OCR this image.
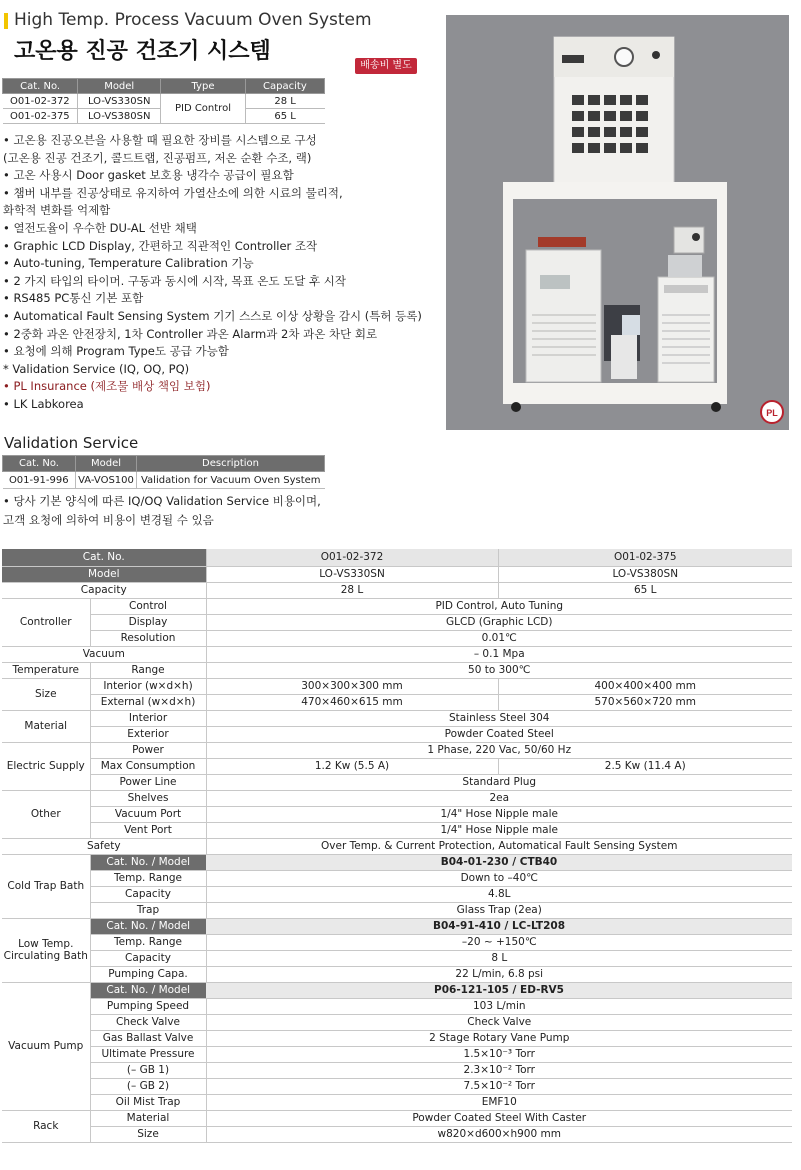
High Temp. Process Vacuum Oven System
고온용 진공 건조기 시스템
배송비 별도
Cat. No.	Model	Type	Capacity
O01-02-372	LO-VS330SN	PID Control	28 L
O01-02-375	LO-VS380SN		65 L
• 고온용 진공오븐을 사용할 때 필요한 장비를 시스템으로 구성
(고온용 진공 건조기, 콜드트랩, 진공펌프, 저온 순환 수조, 랙)
• 고온 사용시 Door gasket 보호용 냉각수 공급이 필요함
• 챔버 내부를 진공상태로 유지하여 가열산소에 의한 시료의 물리적,
화학적 변화를 억제함
• 열전도율이 우수한 DU-AL 선반 채택
• Graphic LCD Display, 간편하고 직관적인 Controller 조작
• Auto-tuning, Temperature Calibration 기능
• 2 가지 타입의 타이머. 구동과 동시에 시작, 목표 온도 도달 후 시작
• RS485 PC통신 기본 포함
• Automatical Fault Sensing System 기기 스스로 이상 상황을 감시 (특허 등록)
• 2중화 과온 안전장치, 1차 Controller 과온 Alarm과 2차 과온 차단 회로
• 요청에 의해 Program Type도 공급 가능함
* Validation Service (IQ, OQ, PQ)
• PL Insurance (제조물 배상 책임 보험)
• LK Labkorea
Validation Service
Cat. No.	Model	Description
O01-91-996	VA-VOS100	Validation for Vacuum Oven System
• 당사 기본 양식에 따른 IQ/OQ Validation Service 비용이며,
고객 요청에 의하여 비용이 변경될 수 있음
PL
Cat. No.		O01-02-372	O01-02-375
Model		LO-VS330SN	LO-VS380SN
Capacity		28 L	65 L
Controller	Control	PID Control, Auto Tuning	
	Display	GLCD (Graphic LCD)	
	Resolution	0.01℃	
Vacuum		– 0.1 Mpa	
Temperature	Range	50 to 300℃	
Size	Interior (w×d×h)	300×300×300 mm	400×400×400 mm
	External (w×d×h)	470×460×615 mm	570×560×720 mm
Material	Interior	Stainless Steel 304	
	Exterior	Powder Coated Steel	
Electric Supply	Power	1 Phase, 220 Vac, 50/60 Hz	
	Max Consumption	1.2 Kw (5.5 A)	2.5 Kw (11.4 A)
	Power Line	Standard Plug	
Other	Shelves	2ea	
	Vacuum Port	1/4" Hose Nipple male	
	Vent Port	1/4" Hose Nipple male	
Safety		Over Temp. & Current Protection, Automatical Fault Sensing System	
Cold Trap Bath	Cat. No. / Model	B04-01-230 / CTB40	
	Temp. Range	Down to –40℃	
	Capacity	4.8L	
	Trap	Glass Trap (2ea)	

Low Temp.
Circulating Bath	Cat. No. / Model	B04-91-410 / LC-LT208	
	Temp. Range	–20 ~ +150℃	
	Capacity	8 L	
	Pumping Capa.	22 L/min, 6.8 psi	
Vacuum Pump	Cat. No. / Model	P06-121-105 / ED-RV5	
	Pumping Speed	103 L/min	
	Check Valve	Check Valve	
	Gas Ballast Valve	2 Stage Rotary Vane Pump	
	Ultimate Pressure	1.5×10⁻³ Torr	
	(– GB 1)	2.3×10⁻² Torr	
	(– GB 2)	7.5×10⁻² Torr	
	Oil Mist Trap	EMF10	
Rack	Material	Powder Coated Steel With Caster	
	Size	w820×d600×h900 mm	
